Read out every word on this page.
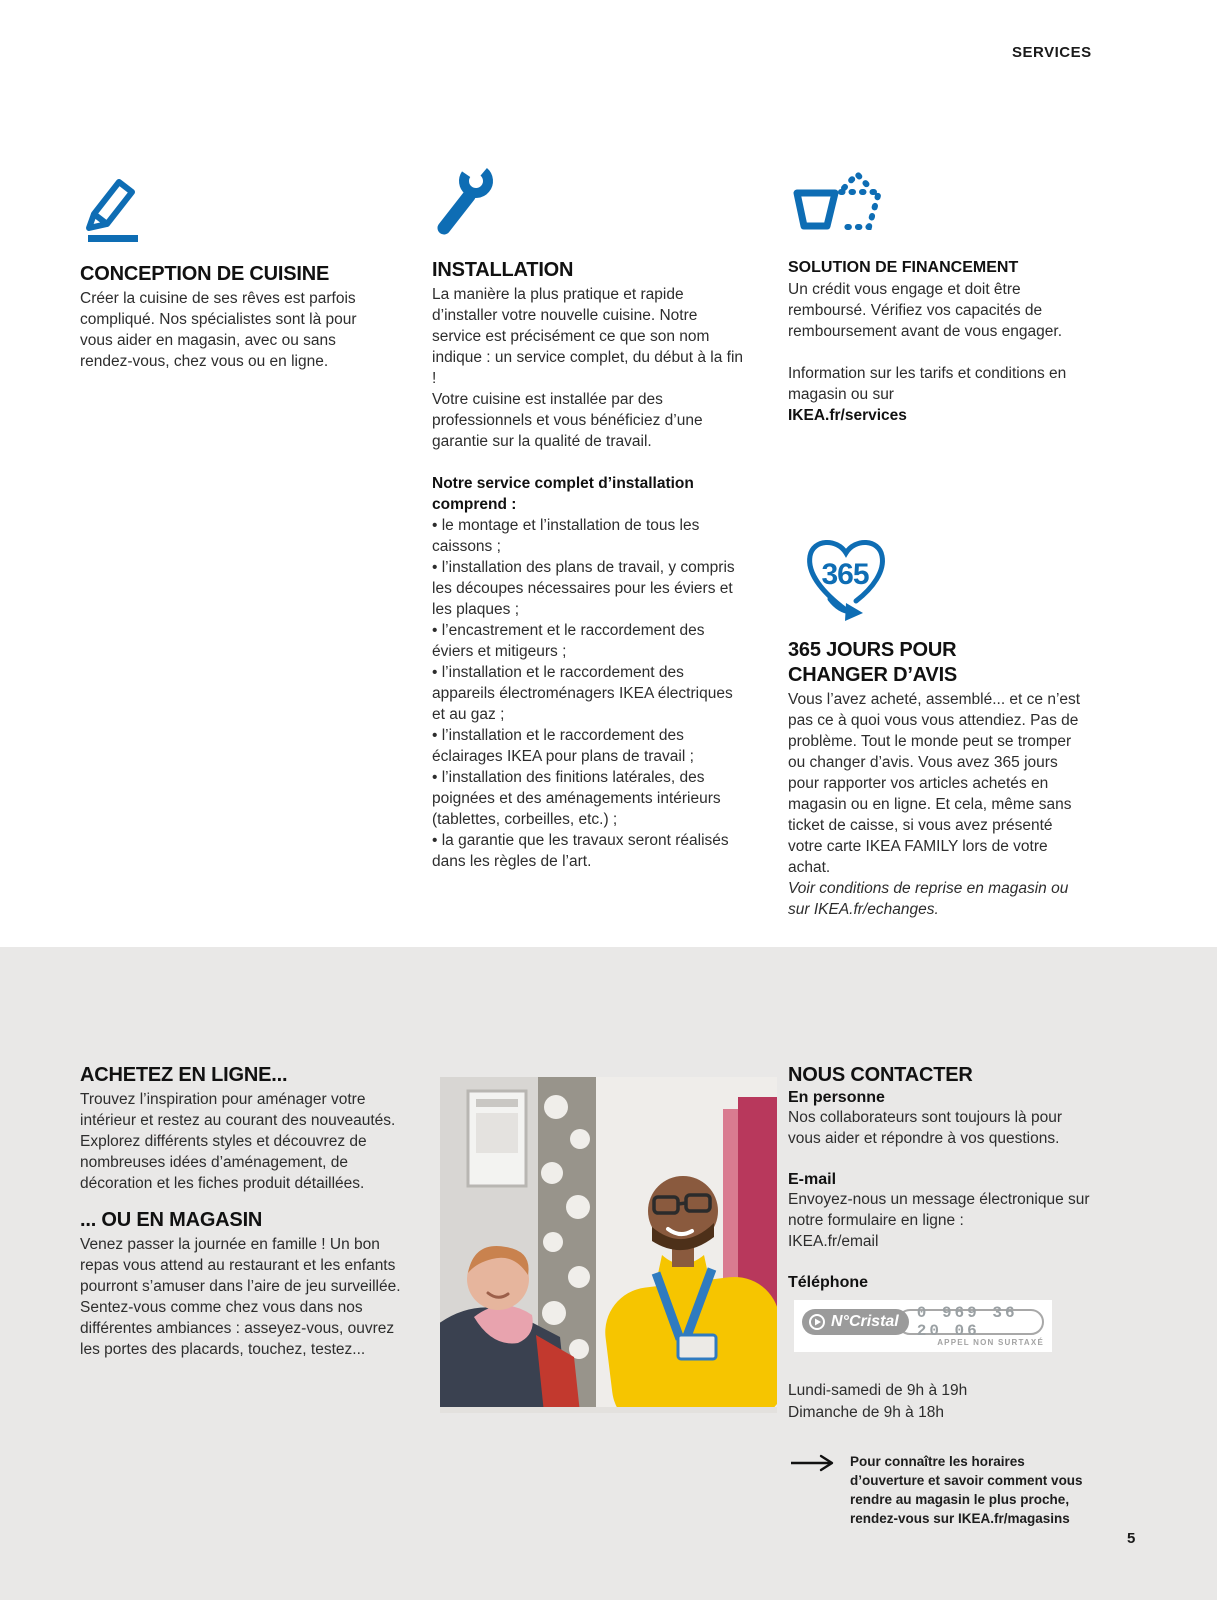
SERVICES
CONCEPTION DE CUISINE
Créer la cuisine de ses rêves est parfois compliqué. Nos spécialistes sont là pour vous aider en magasin, avec ou sans rendez-vous, chez vous ou en ligne.
INSTALLATION
La manière la plus pratique et rapide d’installer votre nouvelle cuisine. Notre service est précisément ce que son nom indique : un service complet, du début à la fin !
Votre cuisine est installée par des professionnels et vous bénéficiez d’une garantie sur la qualité de travail.
Notre service complet d’installation comprend :
• le montage et l’installation de tous les caissons ;
• l’installation des plans de travail, y compris les découpes nécessaires pour les éviers et les plaques ;
• l’encastrement et le raccordement des éviers et mitigeurs ;
• l’installation et le raccordement des appareils électroménagers IKEA électriques et au gaz ;
• l’installation et le raccordement des éclairages IKEA pour plans de travail ;
• l’installation des finitions latérales, des poignées et des aménagements intérieurs (tablettes, corbeilles, etc.) ;
• la garantie que les travaux seront réalisés dans les règles de l’art.
SOLUTION DE FINANCEMENT
Un crédit vous engage et doit être remboursé. Vérifiez vos capacités de remboursement avant de vous engager.
Information sur les tarifs et conditions en magasin ou sur
IKEA.fr/services
365
365 JOURS POUR
CHANGER D’AVIS
Vous l’avez acheté, assemblé... et ce n’est pas ce à quoi vous vous attendiez. Pas de problème. Tout le monde peut se tromper ou changer d’avis. Vous avez 365 jours pour rapporter vos articles achetés en magasin ou en ligne. Et cela, même sans ticket de caisse, si vous avez présenté votre carte IKEA FAMILY lors de votre achat.
Voir conditions de reprise en magasin ou sur IKEA.fr/echanges.
ACHETEZ EN LIGNE...
Trouvez l’inspiration pour aménager votre intérieur et restez au courant des nouveautés. Explorez différents styles et découvrez de nombreuses idées d’aménagement, de décoration et les fiches produit détaillées.
... OU EN MAGASIN
Venez passer la journée en famille ! Un bon repas vous attend au restaurant et les enfants pourront s’amuser dans l’aire de jeu surveillée. Sentez-vous comme chez vous dans nos différentes ambiances : asseyez-vous, ouvrez les portes des placards, touchez, testez...
NOUS CONTACTER
En personne
Nos collaborateurs sont toujours là pour vous aider et répondre à vos questions.
E-mail
Envoyez-nous un message électronique sur notre formulaire en ligne :
IKEA.fr/email
Téléphone
N°Cristal	0 969 36 20 06
APPEL NON SURTAXÉ
Lundi-samedi de 9h à 19h
Dimanche de 9h à 18h
Pour connaître les horaires d’ouverture et savoir comment vous rendre au magasin le plus proche, rendez-vous sur IKEA.fr/magasins
5
